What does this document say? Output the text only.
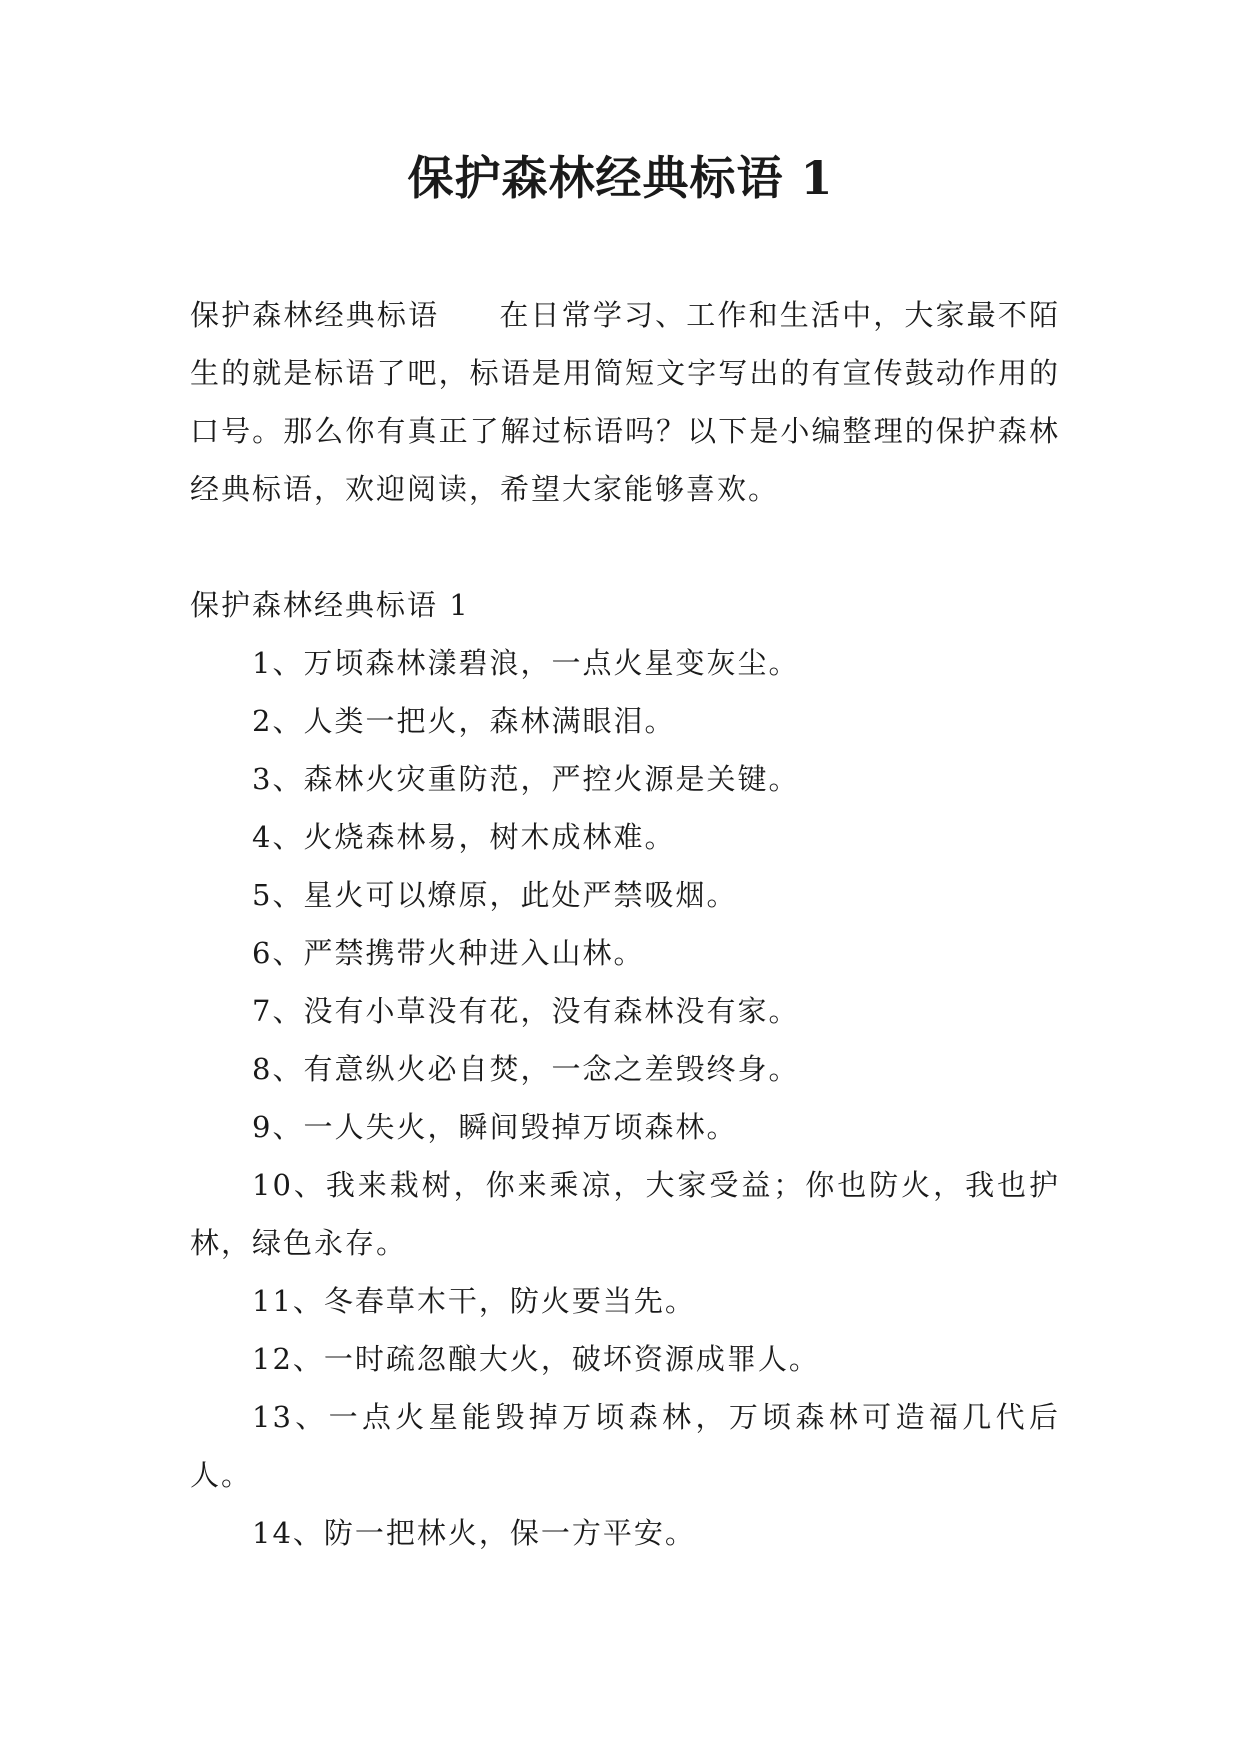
保护森林经典标语 1

保护森林经典标语 在日常学习、工作和生活中，大家最不陌生的就是标语了吧，标语是用简短文字写出的有宣传鼓动作用的口号。那么你有真正了解过标语吗？以下是小编整理的保护森林经典标语，欢迎阅读，希望大家能够喜欢。

保护森林经典标语 1

1、万顷森林漾碧浪，一点火星变灰尘。
2、人类一把火，森林满眼泪。
3、森林火灾重防范，严控火源是关键。
4、火烧森林易，树木成林难。
5、星火可以燎原，此处严禁吸烟。
6、严禁携带火种进入山林。
7、没有小草没有花，没有森林没有家。
8、有意纵火必自焚，一念之差毁终身。
9、一人失火，瞬间毁掉万顷森林。
10、我来栽树，你来乘凉，大家受益；你也防火，我也护林，绿色永存。
11、冬春草木干，防火要当先。
12、一时疏忽酿大火，破坏资源成罪人。
13、一点火星能毁掉万顷森林，万顷森林可造福几代后人。
14、防一把林火，保一方平安。
